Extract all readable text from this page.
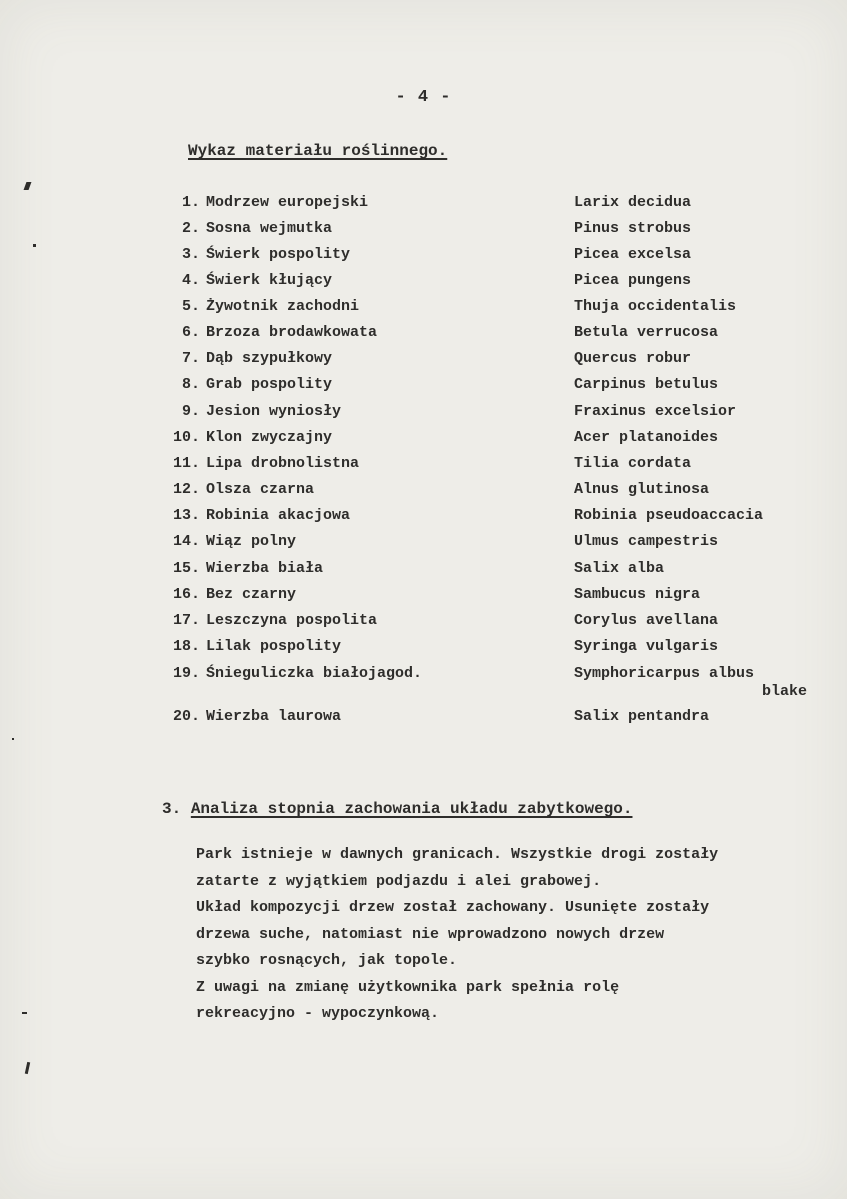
- 4 -
Wykaz materiału roślinnego.
1. Modrzew europejski	Larix decidua
2. Sosna wejmutka	Pinus strobus
3. Świerk pospolity	Picea excelsa
4. Świerk kłujący	Picea pungens
5. Żywotnik zachodni	Thuja occidentalis
6. Brzoza brodawkowata	Betula verrucosa
7. Dąb szypułkowy	Quercus robur
8. Grab pospolity	Carpinus betulus
9. Jesion wyniosły	Fraxinus excelsior
10. Klon zwyczajny	Acer platanoides
11. Lipa drobnolistna	Tilia cordata
12. Olsza czarna	Alnus glutinosa
13. Robinia akacjowa	Robinia pseudoaccacia
14. Wiąz polny	Ulmus campestris
15. Wierzba biała	Salix alba
16. Bez czarny	Sambucus nigra
17. Leszczyna pospolita	Corylus avellana
18. Lilak pospolity	Syringa vulgaris
19. Śnieguliczka białojagod.	Symphoricarpus albus
blake
20. Wierzba laurowa	Salix pentandra
3. Analiza stopnia zachowania układu zabytkowego.
Park istnieje w dawnych granicach. Wszystkie drogi zostały
zatarte z wyjątkiem podjazdu i alei grabowej.
Układ kompozycji drzew został zachowany. Usunięte zostały
drzewa suche, natomiast nie wprowadzono nowych drzew
szybko rosnących, jak topole.
Z uwagi na zmianę użytkownika park spełnia rolę
rekreacyjno - wypoczynkową.
